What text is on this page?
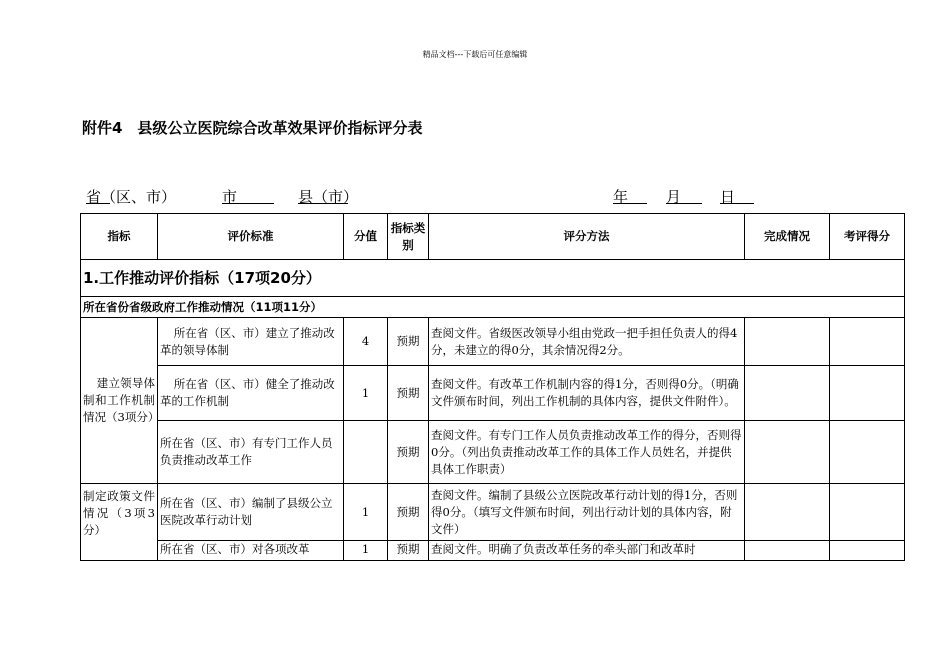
精品文档---下载后可任意编辑
附件4　县级公立医院综合改革效果评价指标评分表
省（区、市）	市	县（市）	年	月	日
指标	评价标准	分值	指标类别	评分方法	完成情况	考评得分
1.工作推动评价指标（17项20分）						
所在省份省级政府工作推动情况（11项11分）						
建立领导体制和工作机制情况（3项分）	所在省（区、市）建立了推动改革的领导体制	4	预期	查阅文件。省级医改领导小组由党政一把手担任负责人的得4分，未建立的得0分，其余情况得2分。		
	所在省（区、市）健全了推动改革的工作机制	1	预期	查阅文件。有改革工作机制内容的得1分，否则得0分。（明确文件颁布时间，列出工作机制的具体内容，提供文件附件）。		
	所在省（区、市）有专门工作人员负责推动改革工作		预期	查阅文件。有专门工作人员负责推动改革工作的得分，否则得0分。（列出负责推动改革工作的具体工作人员姓名，并提供具体工作职责）		
制定政策文件情况（3项3分）	所在省（区、市）编制了县级公立医院改革行动计划	1	预期	查阅文件。编制了县级公立医院改革行动计划的得1分，否则得0分。（填写文件颁布时间，列出行动计划的具体内容，附文件）		
	所在省（区、市）对各项改革	1	预期	查阅文件。明确了负责改革任务的牵头部门和改革时		
